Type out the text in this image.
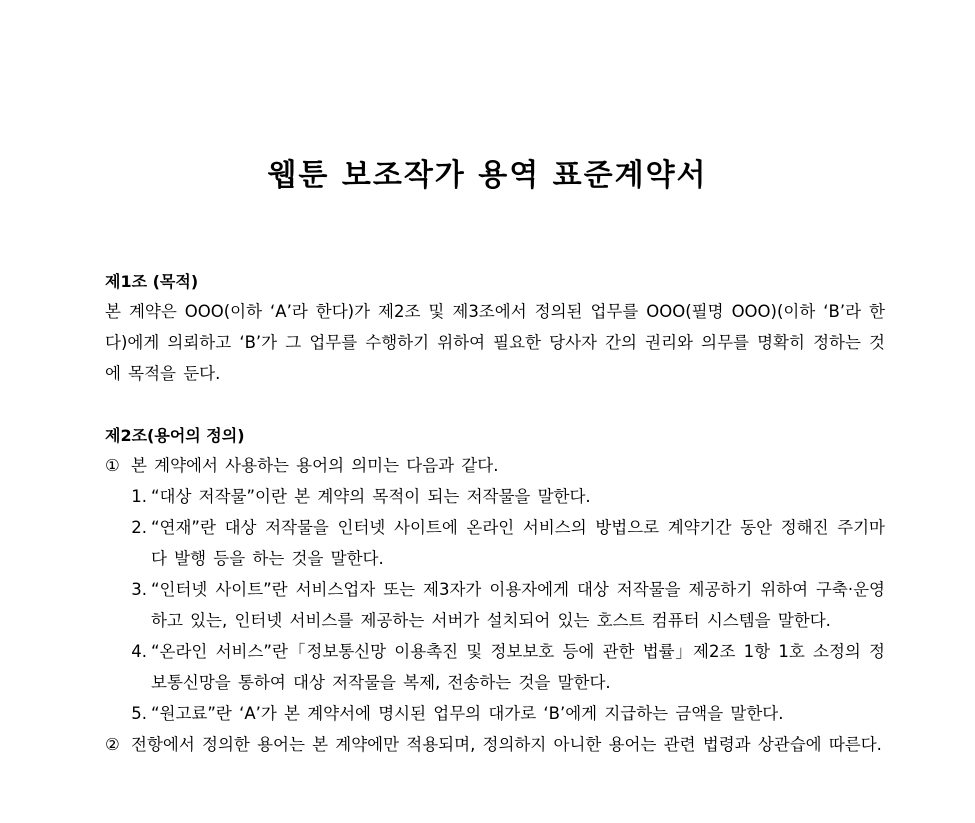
웹툰 보조작가 용역 표준계약서

제1조 (목적)

본 계약은 OOO(이하 ‘A’라 한다)가 제2조 및 제3조에서 정의된 업무를 OOO(필명 OOO)(이하 ‘B’라 한다)에게 의뢰하고 ‘B’가 그 업무를 수행하기 위하여 필요한 당사자 간의 권리와 의무를 명확히 정하는 것에 목적을 둔다.

제2조(용어의 정의)

① 본 계약에서 사용하는 용어의 의미는 다음과 같다.
1. “대상 저작물”이란 본 계약의 목적이 되는 저작물을 말한다.
2. “연재”란 대상 저작물을 인터넷 사이트에 온라인 서비스의 방법으로 계약기간 동안 정해진 주기마다 발행 등을 하는 것을 말한다.
3. “인터넷 사이트”란 서비스업자 또는 제3자가 이용자에게 대상 저작물을 제공하기 위하여 구축·운영하고 있는, 인터넷 서비스를 제공하는 서버가 설치되어 있는 호스트 컴퓨터 시스템을 말한다.
4. “온라인 서비스”란「정보통신망 이용촉진 및 정보보호 등에 관한 법률」제2조 1항 1호 소정의 정보통신망을 통하여 대상 저작물을 복제, 전송하는 것을 말한다.
5. “원고료”란 ‘A’가 본 계약서에 명시된 업무의 대가로 ‘B’에게 지급하는 금액을 말한다.
② 전항에서 정의한 용어는 본 계약에만 적용되며, 정의하지 아니한 용어는 관련 법령과 상관습에 따른다.
